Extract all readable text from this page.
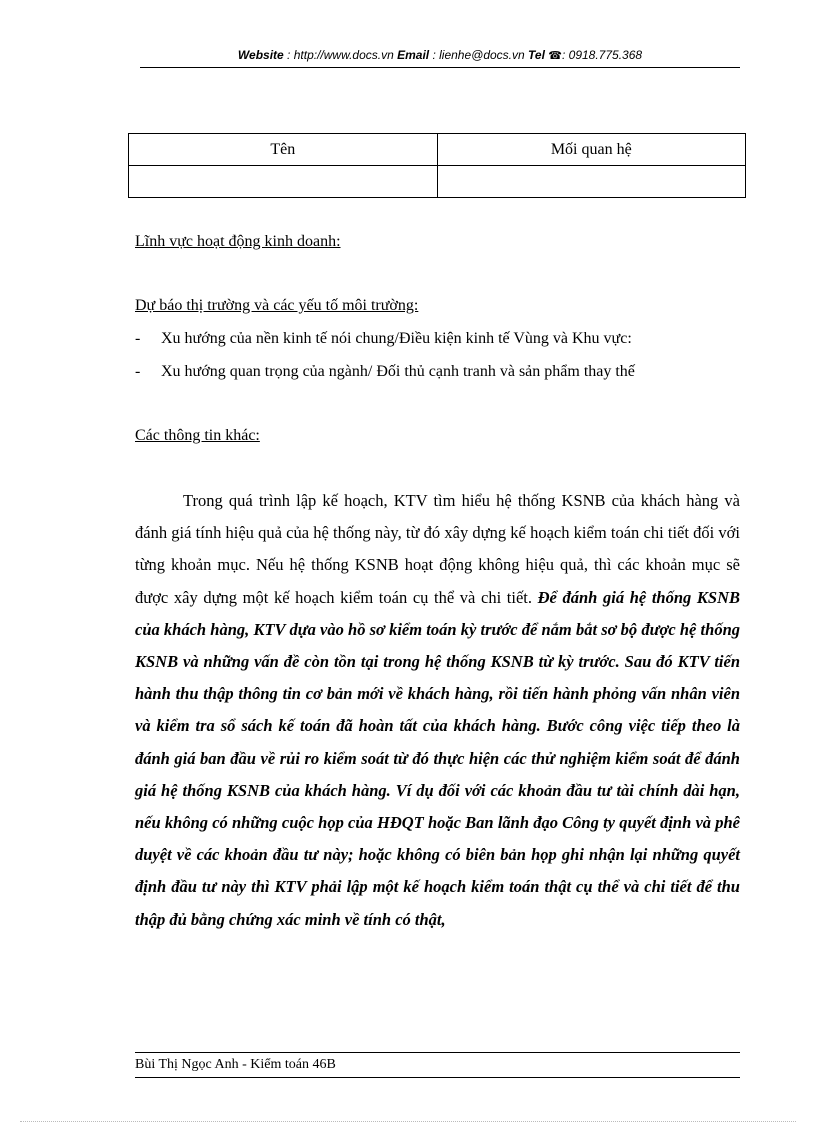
Website : http://www.docs.vn Email : lienhe@docs.vn Tel ☎: 0918.775.368
Tên	Mối quan hệ

Lĩnh vực hoạt động kinh doanh:
Dự báo thị trường và các yếu tố môi trường:
- Xu hướng của nền kinh tế nói chung/Điều kiện kinh tế Vùng và Khu vực:
- Xu hướng quan trọng của ngành/ Đối thủ cạnh tranh và sản phẩm thay thế
Các thông tin khác:
Trong quá trình lập kế hoạch, KTV tìm hiểu hệ thống KSNB của khách hàng và đánh giá tính hiệu quả của hệ thống này, từ đó xây dựng kế hoạch kiểm toán chi tiết đối với từng khoản mục. Nếu hệ thống KSNB hoạt động không hiệu quả, thì các khoản mục sẽ được xây dựng một kế hoạch kiểm toán cụ thể và chi tiết. Để đánh giá hệ thống KSNB của khách hàng, KTV dựa vào hồ sơ kiểm toán kỳ trước để nắm bắt sơ bộ được hệ thống KSNB và những vấn đề còn tồn tại trong hệ thống KSNB từ kỳ trước. Sau đó KTV tiến hành thu thập thông tin cơ bản mới về khách hàng, rồi tiến hành phỏng vấn nhân viên và kiểm tra sổ sách kế toán đã hoàn tất của khách hàng. Bước công việc tiếp theo là đánh giá ban đầu về rủi ro kiểm soát từ đó thực hiện các thử nghiệm kiểm soát để đánh giá hệ thống KSNB của khách hàng. Ví dụ đối với các khoản đầu tư tài chính dài hạn, nếu không có những cuộc họp của HĐQT hoặc Ban lãnh đạo Công ty quyết định và phê duyệt về các khoản đầu tư này; hoặc không có biên bản họp ghi nhận lại những quyết định đầu tư này thì KTV phải lập một kế hoạch kiểm toán thật cụ thể và chi tiết để thu thập đủ bằng chứng xác minh về tính có thật,
Bùi Thị Ngọc Anh - Kiểm toán 46B
